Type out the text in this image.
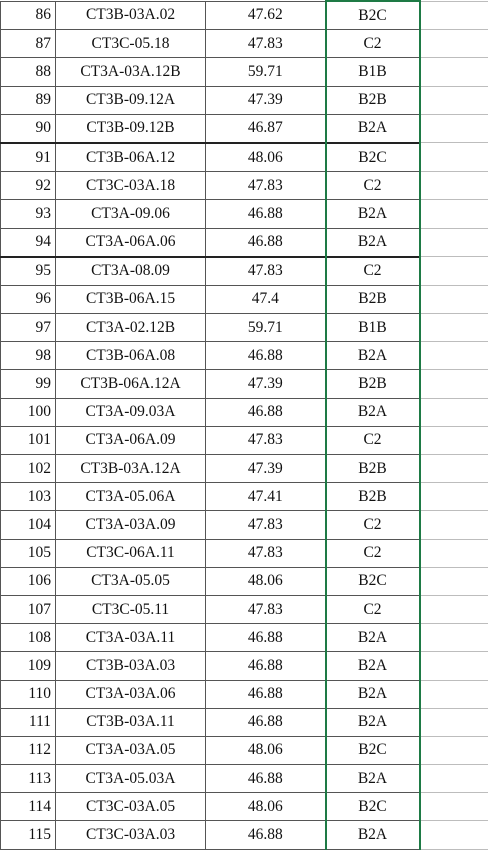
86	CT3B-03A.02	47.62	B2C	
87	CT3C-05.18	47.83	C2	
88	CT3A-03A.12B	59.71	B1B	
89	CT3B-09.12A	47.39	B2B	
90	CT3B-09.12B	46.87	B2A	
91	CT3B-06A.12	48.06	B2C	
92	CT3C-03A.18	47.83	C2	
93	CT3A-09.06	46.88	B2A	
94	CT3A-06A.06	46.88	B2A	
95	CT3A-08.09	47.83	C2	
96	CT3B-06A.15	47.4	B2B	
97	CT3A-02.12B	59.71	B1B	
98	CT3B-06A.08	46.88	B2A	
99	CT3B-06A.12A	47.39	B2B	
100	CT3A-09.03A	46.88	B2A	
101	CT3A-06A.09	47.83	C2	
102	CT3B-03A.12A	47.39	B2B	
103	CT3A-05.06A	47.41	B2B	
104	CT3A-03A.09	47.83	C2	
105	CT3C-06A.11	47.83	C2	
106	CT3A-05.05	48.06	B2C	
107	CT3C-05.11	47.83	C2	
108	CT3A-03A.11	46.88	B2A	
109	CT3B-03A.03	46.88	B2A	
110	CT3A-03A.06	46.88	B2A	
111	CT3B-03A.11	46.88	B2A	
112	CT3A-03A.05	48.06	B2C	
113	CT3A-05.03A	46.88	B2A	
114	CT3C-03A.05	48.06	B2C	
115	CT3C-03A.03	46.88	B2A	
